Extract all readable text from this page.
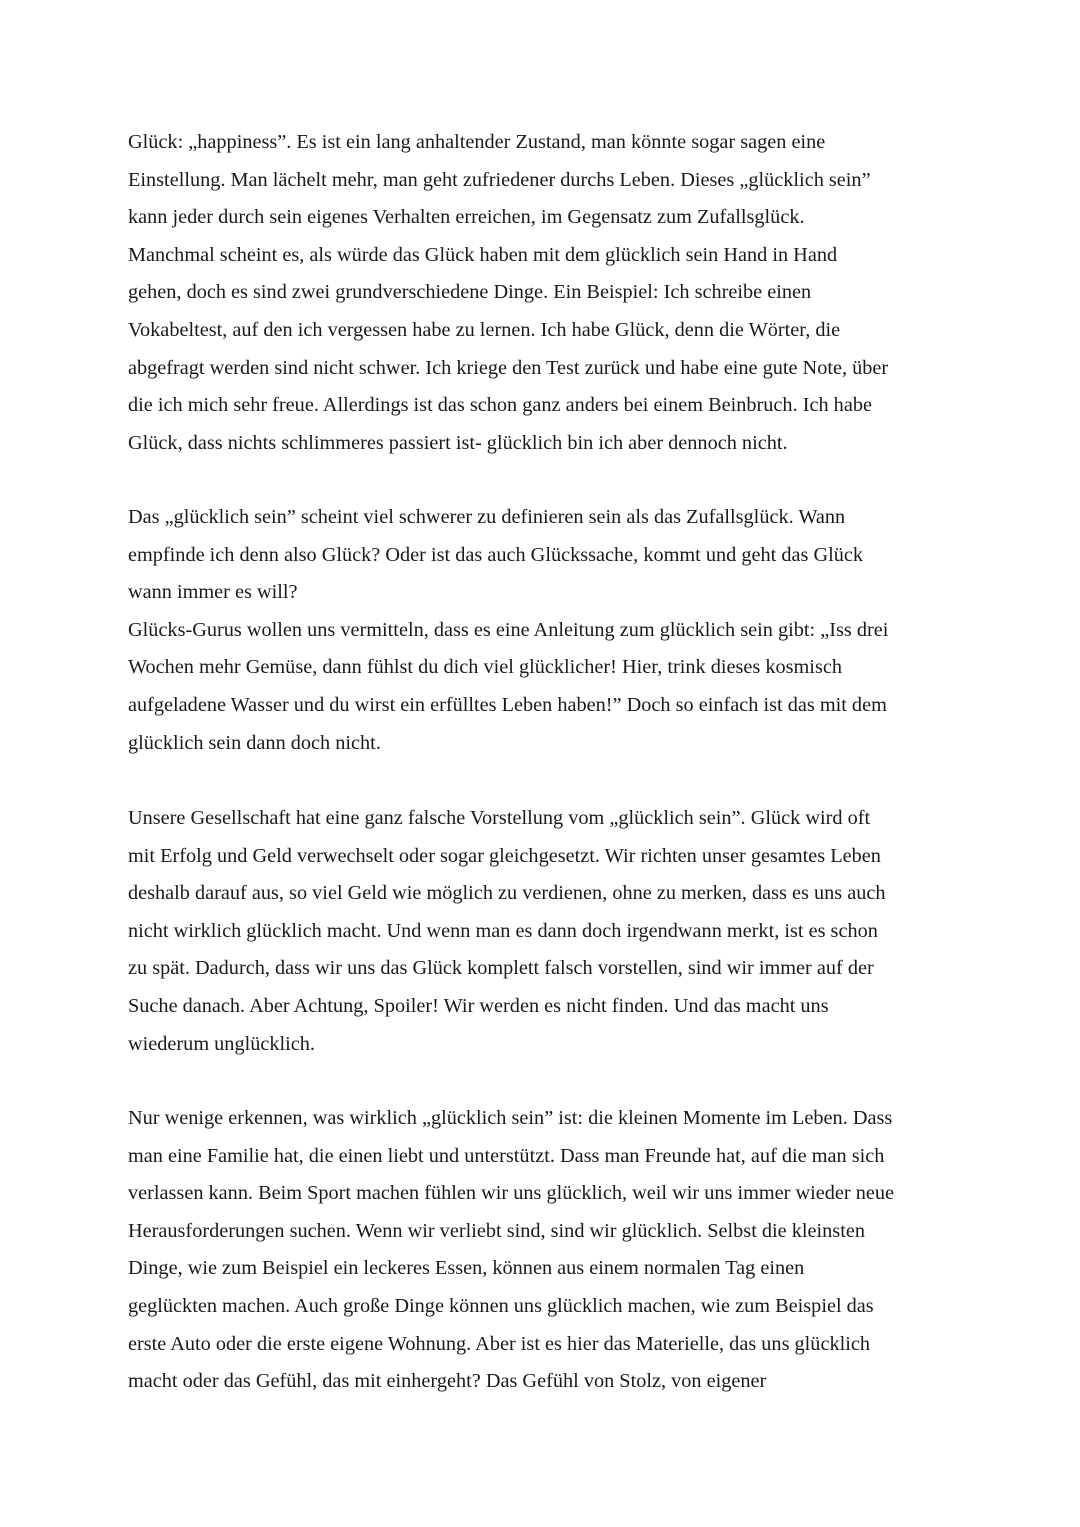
Glück: „happiness”. Es ist ein lang anhaltender Zustand, man könnte sogar sagen eine
Einstellung. Man lächelt mehr, man geht zufriedener durchs Leben. Dieses „glücklich sein”
kann jeder durch sein eigenes Verhalten erreichen, im Gegensatz zum Zufallsglück.
Manchmal scheint es, als würde das Glück haben mit dem glücklich sein Hand in Hand
gehen, doch es sind zwei grundverschiedene Dinge. Ein Beispiel: Ich schreibe einen
Vokabeltest, auf den ich vergessen habe zu lernen. Ich habe Glück, denn die Wörter, die
abgefragt werden sind nicht schwer. Ich kriege den Test zurück und habe eine gute Note, über
die ich mich sehr freue. Allerdings ist das schon ganz anders bei einem Beinbruch. Ich habe
Glück, dass nichts schlimmeres passiert ist- glücklich bin ich aber dennoch nicht.
Das „glücklich sein” scheint viel schwerer zu definieren sein als das Zufallsglück. Wann
empfinde ich denn also Glück? Oder ist das auch Glückssache, kommt und geht das Glück
wann immer es will?
Glücks-Gurus wollen uns vermitteln, dass es eine Anleitung zum glücklich sein gibt: „Iss drei
Wochen mehr Gemüse, dann fühlst du dich viel glücklicher! Hier, trink dieses kosmisch
aufgeladene Wasser und du wirst ein erfülltes Leben haben!” Doch so einfach ist das mit dem
glücklich sein dann doch nicht.
Unsere Gesellschaft hat eine ganz falsche Vorstellung vom „glücklich sein”. Glück wird oft
mit Erfolg und Geld verwechselt oder sogar gleichgesetzt. Wir richten unser gesamtes Leben
deshalb darauf aus, so viel Geld wie möglich zu verdienen, ohne zu merken, dass es uns auch
nicht wirklich glücklich macht. Und wenn man es dann doch irgendwann merkt, ist es schon
zu spät. Dadurch, dass wir uns das Glück komplett falsch vorstellen, sind wir immer auf der
Suche danach. Aber Achtung, Spoiler! Wir werden es nicht finden. Und das macht uns
wiederum unglücklich.
Nur wenige erkennen, was wirklich „glücklich sein” ist: die kleinen Momente im Leben. Dass
man eine Familie hat, die einen liebt und unterstützt. Dass man Freunde hat, auf die man sich
verlassen kann. Beim Sport machen fühlen wir uns glücklich, weil wir uns immer wieder neue
Herausforderungen suchen. Wenn wir verliebt sind, sind wir glücklich. Selbst die kleinsten
Dinge, wie zum Beispiel ein leckeres Essen, können aus einem normalen Tag einen
geglückten machen. Auch große Dinge können uns glücklich machen, wie zum Beispiel das
erste Auto oder die erste eigene Wohnung. Aber ist es hier das Materielle, das uns glücklich
macht oder das Gefühl, das mit einhergeht? Das Gefühl von Stolz, von eigener
